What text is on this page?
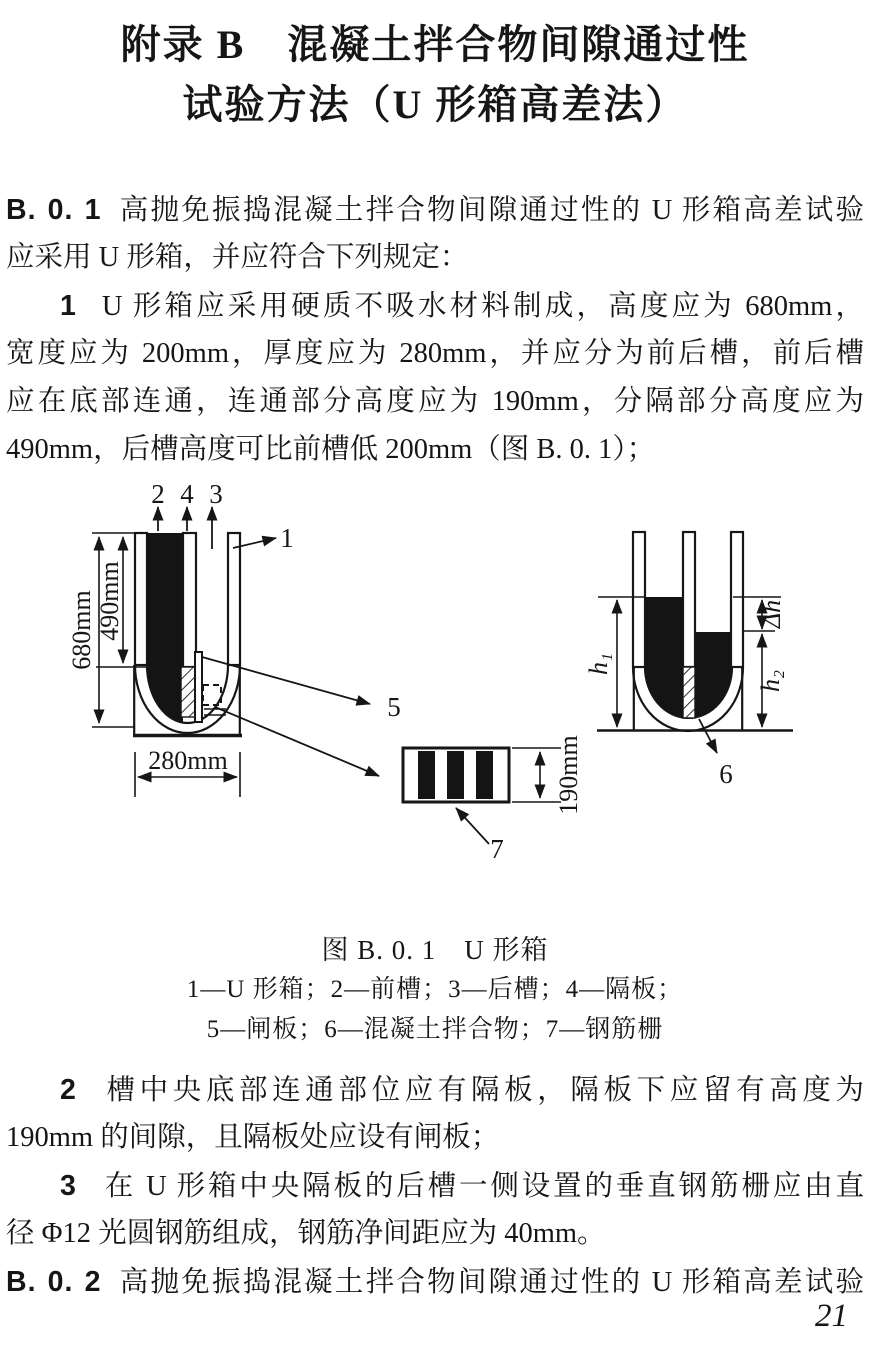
附录 B　混凝土拌合物间隙通过性
试验方法（U 形箱高差法）
B. 0. 1 高抛免振捣混凝土拌合物间隙通过性的 U 形箱高差试验
应采用 U 形箱，并应符合下列规定：
1 U 形箱应采用硬质不吸水材料制成，高度应为 680mm，
宽度应为 200mm，厚度应为 280mm，并应分为前后槽，前后槽
应在底部连通，连通部分高度应为 190mm，分隔部分高度应为
490mm，后槽高度可比前槽低 200mm（图 B. 0. 1）；
2 4 3
1
5
6
7
680mm 490mm
280mm	190mm
h₁
Δh
h₂
图 B. 0. 1　U 形箱
1—U 形箱；2—前槽；3—后槽；4—隔板；
5—闸板；6—混凝土拌合物；7—钢筋栅
2 槽中央底部连通部位应有隔板，隔板下应留有高度为
190mm 的间隙，且隔板处应设有闸板；
3 在 U 形箱中央隔板的后槽一侧设置的垂直钢筋栅应由直
径 Φ12 光圆钢筋组成，钢筋净间距应为 40mm。
B. 0. 2 高抛免振捣混凝土拌合物间隙通过性的 U 形箱高差试验
21
